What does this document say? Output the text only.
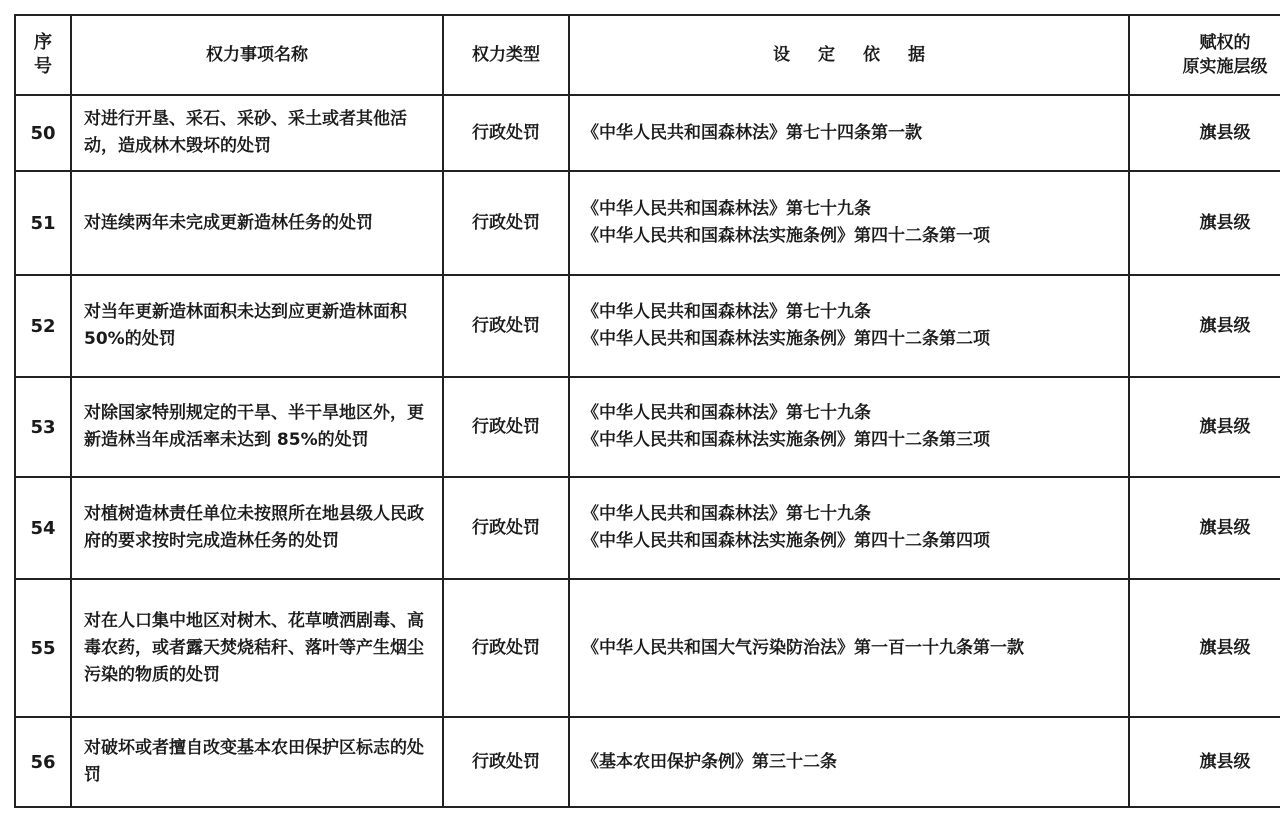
序号	权力事项名称	权力类型	设定依据	赋权的
原实施层级

50	对进行开垦、采石、采砂、采土或者其他活动，造成林木毁坏的处罚	行政处罚	《中华人民共和国森林法》第七十四条第一款	旗县级
51	对连续两年未完成更新造林任务的处罚	行政处罚	《中华人民共和国森林法》第七十九条
《中华人民共和国森林法实施条例》第四十二条第一项	旗县级
52	对当年更新造林面积未达到应更新造林面积 50%的处罚	行政处罚	《中华人民共和国森林法》第七十九条
《中华人民共和国森林法实施条例》第四十二条第二项	旗县级
53	对除国家特别规定的干旱、半干旱地区外，更新造林当年成活率未达到 85%的处罚	行政处罚	《中华人民共和国森林法》第七十九条
《中华人民共和国森林法实施条例》第四十二条第三项	旗县级
54	对植树造林责任单位未按照所在地县级人民政府的要求按时完成造林任务的处罚	行政处罚	《中华人民共和国森林法》第七十九条
《中华人民共和国森林法实施条例》第四十二条第四项	旗县级
55	对在人口集中地区对树木、花草喷洒剧毒、高毒农药，或者露天焚烧秸秆、落叶等产生烟尘污染的物质的处罚	行政处罚	《中华人民共和国大气污染防治法》第一百一十九条第一款	旗县级
56	对破坏或者擅自改变基本农田保护区标志的处罚	行政处罚	《基本农田保护条例》第三十二条	旗县级
